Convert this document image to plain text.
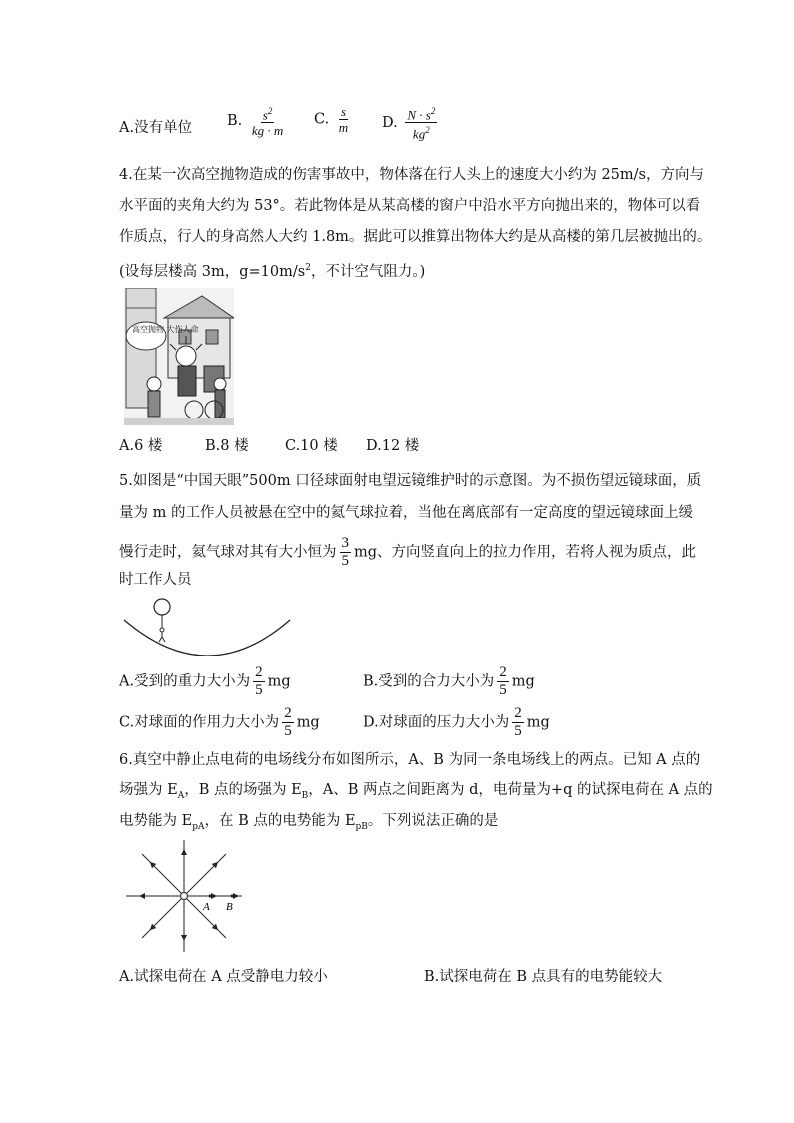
A.没有单位 B. $\frac{s^2}{kg \cdot m} C$. $\frac{s}{m} D$. $\frac{N \cdot s^2}{kg^2}$
4.在某一次高空抛物造成的伤害事故中，物体落在行人头上的速度大小约为 25m/s，方向与
水平面的夹角大约为 53°。若此物体是从某高楼的窗户中沿水平方向抛出来的，物体可以看
作质点，行人的身高然人大约 1.8m。据此可以推算出物体大约是从高楼的第几层被抛出的。
(设每层楼高 3m，$g=10m/s^2$，不计空气阻力。)
高空抛物 大伤人命
A.6 楼	B.8 楼	C.10 楼 D.12 楼
5.如图是“中国天眼”500m 口径球面射电望远镜维护时的示意图。为不损伤望远镜球面，质
量为 m 的工作人员被悬在空中的氦气球拉着，当他在离底部有一定高度的望远镜球面上缓
慢行走时，氦气球对其有大小恒为 $\frac{3}{5}$ mg、方向竖直向上的拉力作用，若将人视为质点，此
时工作人员
A.受到的重力大小为 $\frac{2}{5}$ mg	B.受到的合力大小为 $\frac{2}{5}$ mg
C.对球面的作用力大小为 $\frac{2}{5}$ mg	D.对球面的压力大小为 $\frac{2}{5}$ mg
6.真空中静止点电荷的电场线分布如图所示，A、B 为同一条电场线上的两点。已知 A 点的
场强为 $E_A$，B 点的场强为 $E_B$，A、B 两点之间距离为 d，电荷量为+q 的试探电荷在 A 点的
电势能为 $E_{pA}$，在 B 点的电势能为 $E_{pB}$。下列说法正确的是
A B
A.试探电荷在 A 点受静电力较小	B.试探电荷在 B 点具有的电势能较大
